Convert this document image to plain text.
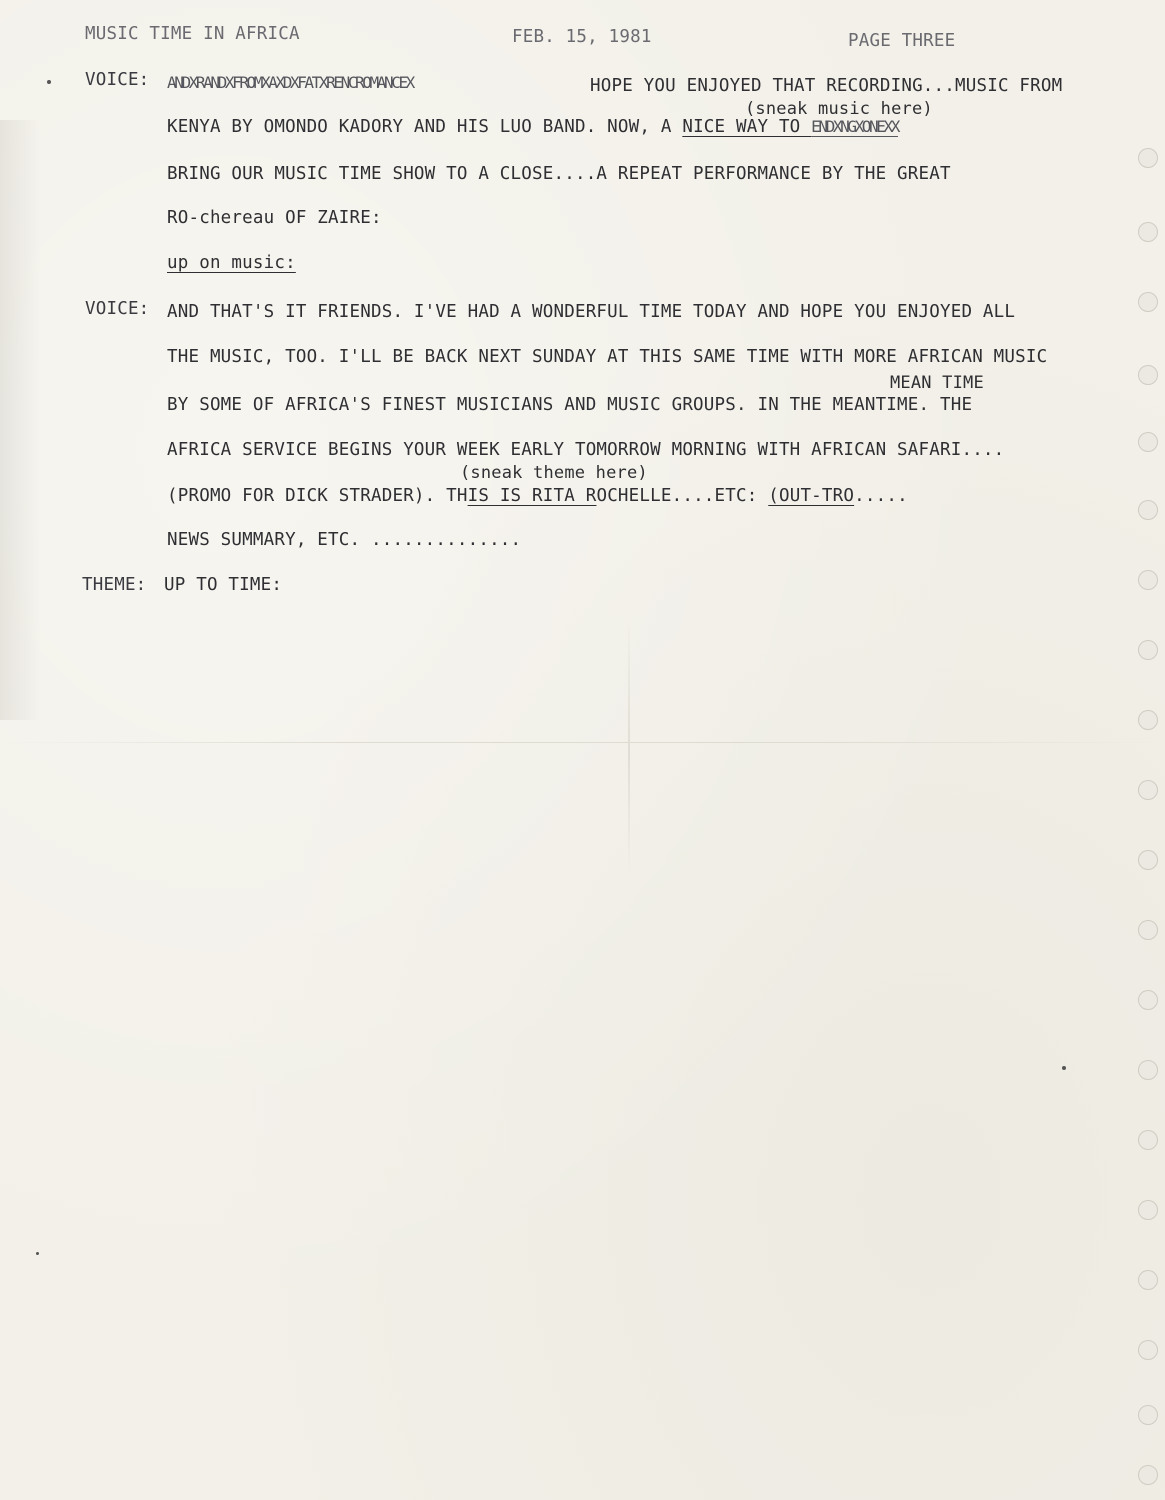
MUSIC TIME IN AFRICA	FEB. 15, 1981	PAGE THREE
VOICE: ANDXRANDXFROMXAXDXFATXRENCROMANCEX	HOPE YOU ENJOYED THAT RECORDING...MUSIC FROM
(sneak music here)
KENYA BY OMONDO KADORY AND HIS LUO BAND. NOW, A NICE WAY TO ENDXNGXONEXX
BRING OUR MUSIC TIME SHOW TO A CLOSE....A REPEAT PERFORMANCE BY THE GREAT
RO-chereau OF ZAIRE:
up on music:
VOICE: AND THAT'S IT FRIENDS. I'VE HAD A WONDERFUL TIME TODAY AND HOPE YOU ENJOYED ALL
THE MUSIC, TOO. I'LL BE BACK NEXT SUNDAY AT THIS SAME TIME WITH MORE AFRICAN MUSIC
MEAN TIME
BY SOME OF AFRICA'S FINEST MUSICIANS AND MUSIC GROUPS. IN THE MEANTIME. THE
AFRICA SERVICE BEGINS YOUR WEEK EARLY TOMORROW MORNING WITH AFRICAN SAFARI....
(sneak theme here)
(PROMO FOR DICK STRADER). THIS IS RITA ROCHELLE....ETC: (OUT-TRO.....
NEWS SUMMARY, ETC. ..............
THEME: UP TO TIME:
